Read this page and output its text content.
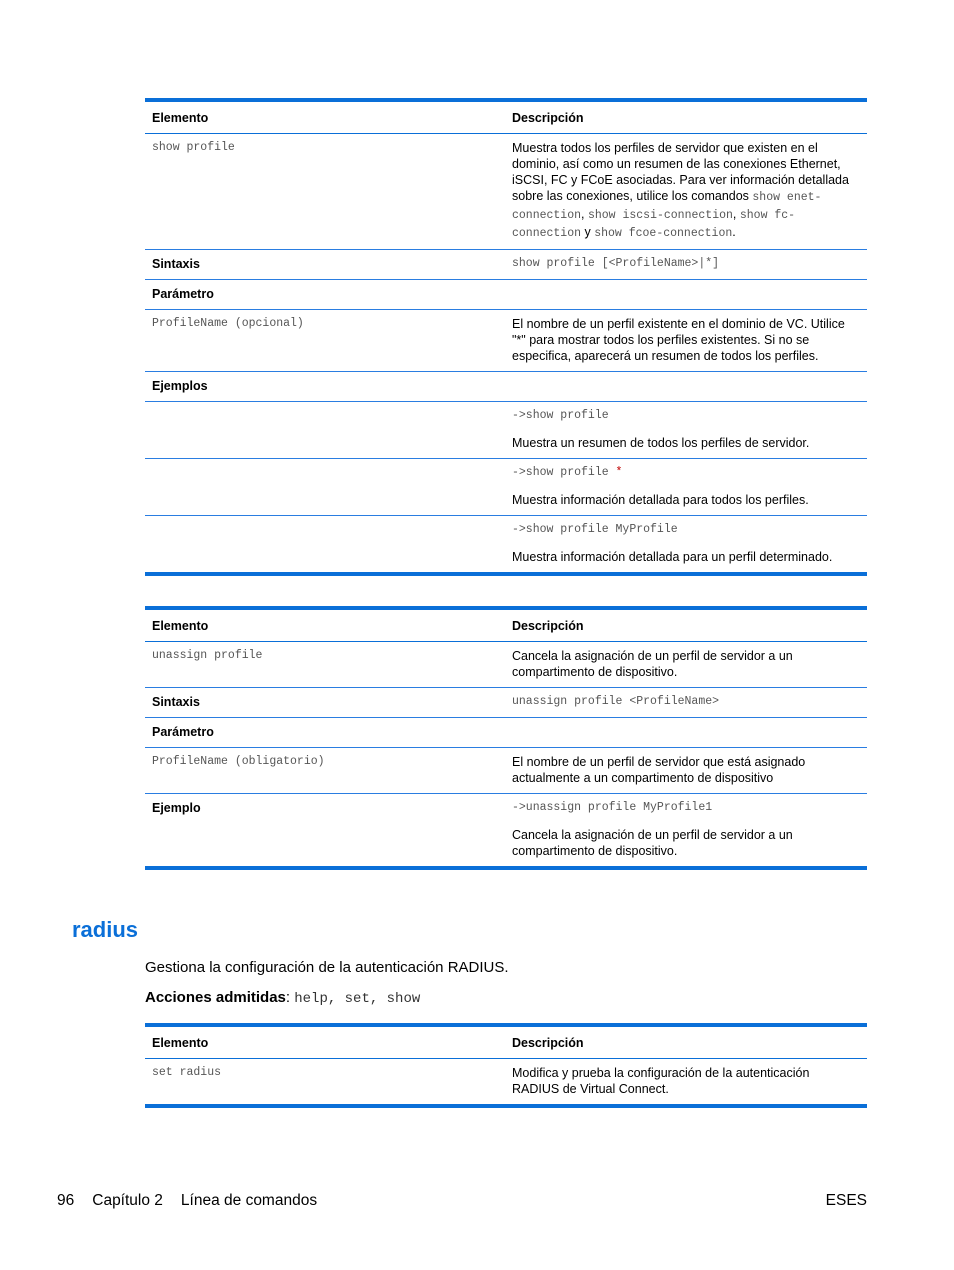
Elemento	Descripción
show profile	Muestra todos los perfiles de servidor que existen en el dominio, así como un resumen de las conexiones Ethernet, iSCSI, FC y FCoE asociadas. Para ver información detallada sobre las conexiones, utilice los comandos show enet-connection, show iscsi-connection, show fc-connection y show fcoe-connection.
Sintaxis	show profile [<ProfileName>|*]
Parámetro	
ProfileName (opcional)	El nombre de un perfil existente en el dominio de VC. Utilice "*" para mostrar todos los perfiles existentes. Si no se especifica, aparecerá un resumen de todos los perfiles.
Ejemplos	

	->show profile
Muestra un resumen de todos los perfiles de servidor.

	->show profile *
Muestra información detallada para todos los perfiles.

	->show profile MyProfile
Muestra información detallada para un perfil determinado.
Elemento	Descripción
unassign profile	Cancela la asignación de un perfil de servidor a un compartimento de dispositivo.
Sintaxis	unassign profile <ProfileName>
Parámetro	
ProfileName (obligatorio)	El nombre de un perfil de servidor que está asignado actualmente a un compartimento de dispositivo
Ejemplo	->unassign profile MyProfile1
Cancela la asignación de un perfil de servidor a un compartimento de dispositivo.
radius
Gestiona la configuración de la autenticación RADIUS.
Acciones admitidas: help, set, show
Elemento	Descripción
set radius	Modifica y prueba la configuración de la autenticación RADIUS de Virtual Connect.
96 Capítulo 2 Línea de comandos	ESES
